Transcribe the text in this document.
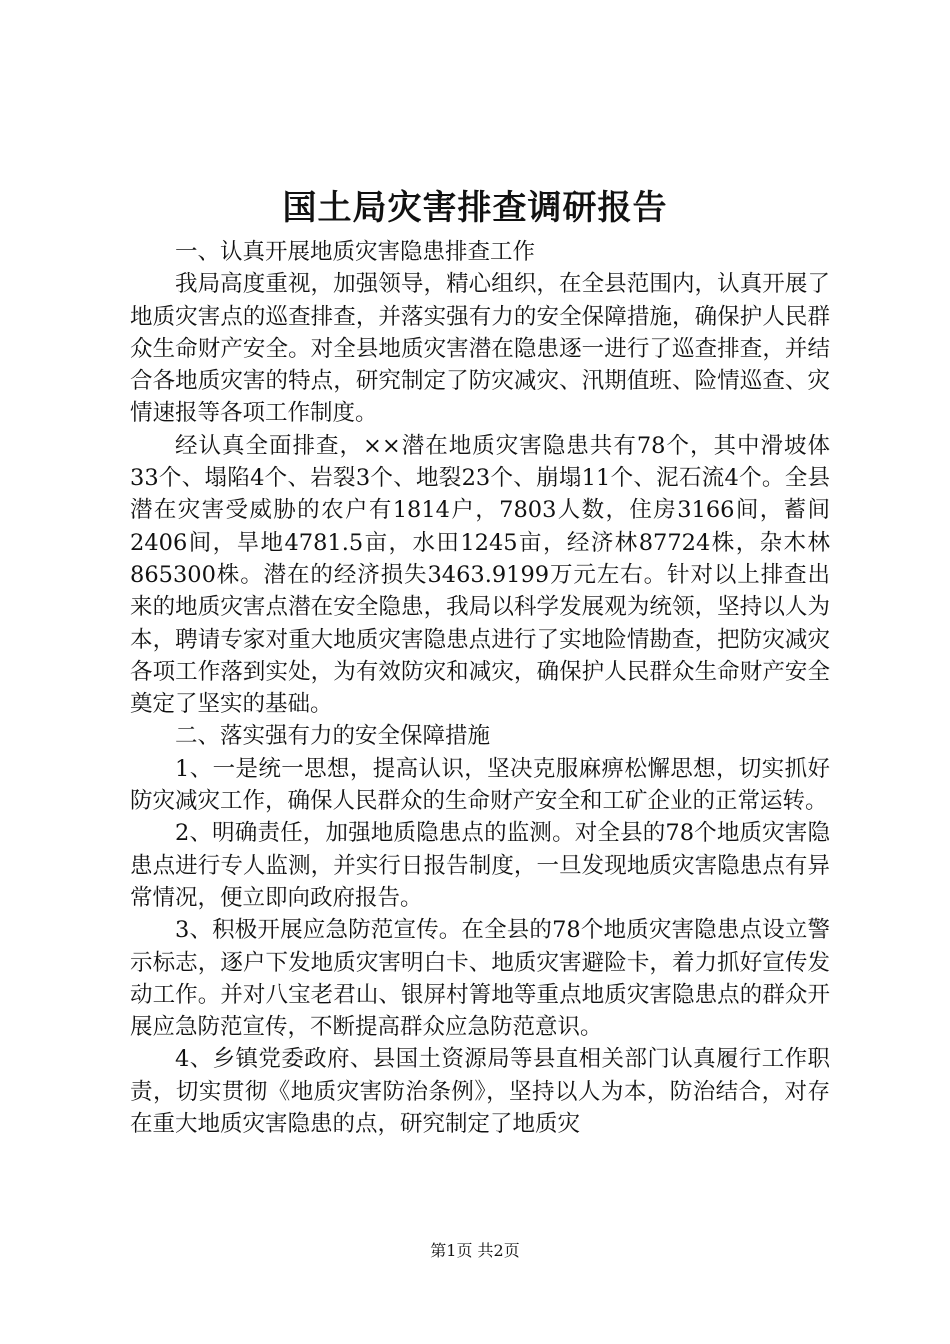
国土局灾害排查调研报告

一、认真开展地质灾害隐患排查工作

我局高度重视，加强领导，精心组织，在全县范围内，认真开展了地质灾害点的巡查排查，并落实强有力的安全保障措施，确保护人民群众生命财产安全。对全县地质灾害潜在隐患逐一进行了巡查排查，并结合各地质灾害的特点，研究制定了防灾减灾、汛期值班、险情巡查、灾情速报等各项工作制度。

经认真全面排查，××潜在地质灾害隐患共有78个，其中滑坡体33个、塌陷4个、岩裂3个、地裂23个、崩塌11个、泥石流4个。全县潜在灾害受威胁的农户有1814户，7803人数，住房3166间，蓄间2406间，旱地4781.5亩，水田1245亩，经济林87724株，杂木林865300株。潜在的经济损失3463.9199万元左右。针对以上排查出来的地质灾害点潜在安全隐患，我局以科学发展观为统领，坚持以人为本，聘请专家对重大地质灾害隐患点进行了实地险情勘查，把防灾减灾各项工作落到实处，为有效防灾和减灾，确保护人民群众生命财产安全奠定了坚实的基础。

二、落实强有力的安全保障措施

1、一是统一思想，提高认识，坚决克服麻痹松懈思想，切实抓好防灾减灾工作，确保人民群众的生命财产安全和工矿企业的正常运转。

2、明确责任，加强地质隐患点的监测。对全县的78个地质灾害隐患点进行专人监测，并实行日报告制度，一旦发现地质灾害隐患点有异常情况，便立即向政府报告。

3、积极开展应急防范宣传。在全县的78个地质灾害隐患点设立警示标志，逐户下发地质灾害明白卡、地质灾害避险卡，着力抓好宣传发动工作。并对八宝老君山、银屏村箐地等重点地质灾害隐患点的群众开展应急防范宣传，不断提高群众应急防范意识。

4、乡镇党委政府、县国土资源局等县直相关部门认真履行工作职责，切实贯彻《地质灾害防治条例》，坚持以人为本，防治结合，对存在重大地质灾害隐患的点，研究制定了地质灾

第1页 共2页
